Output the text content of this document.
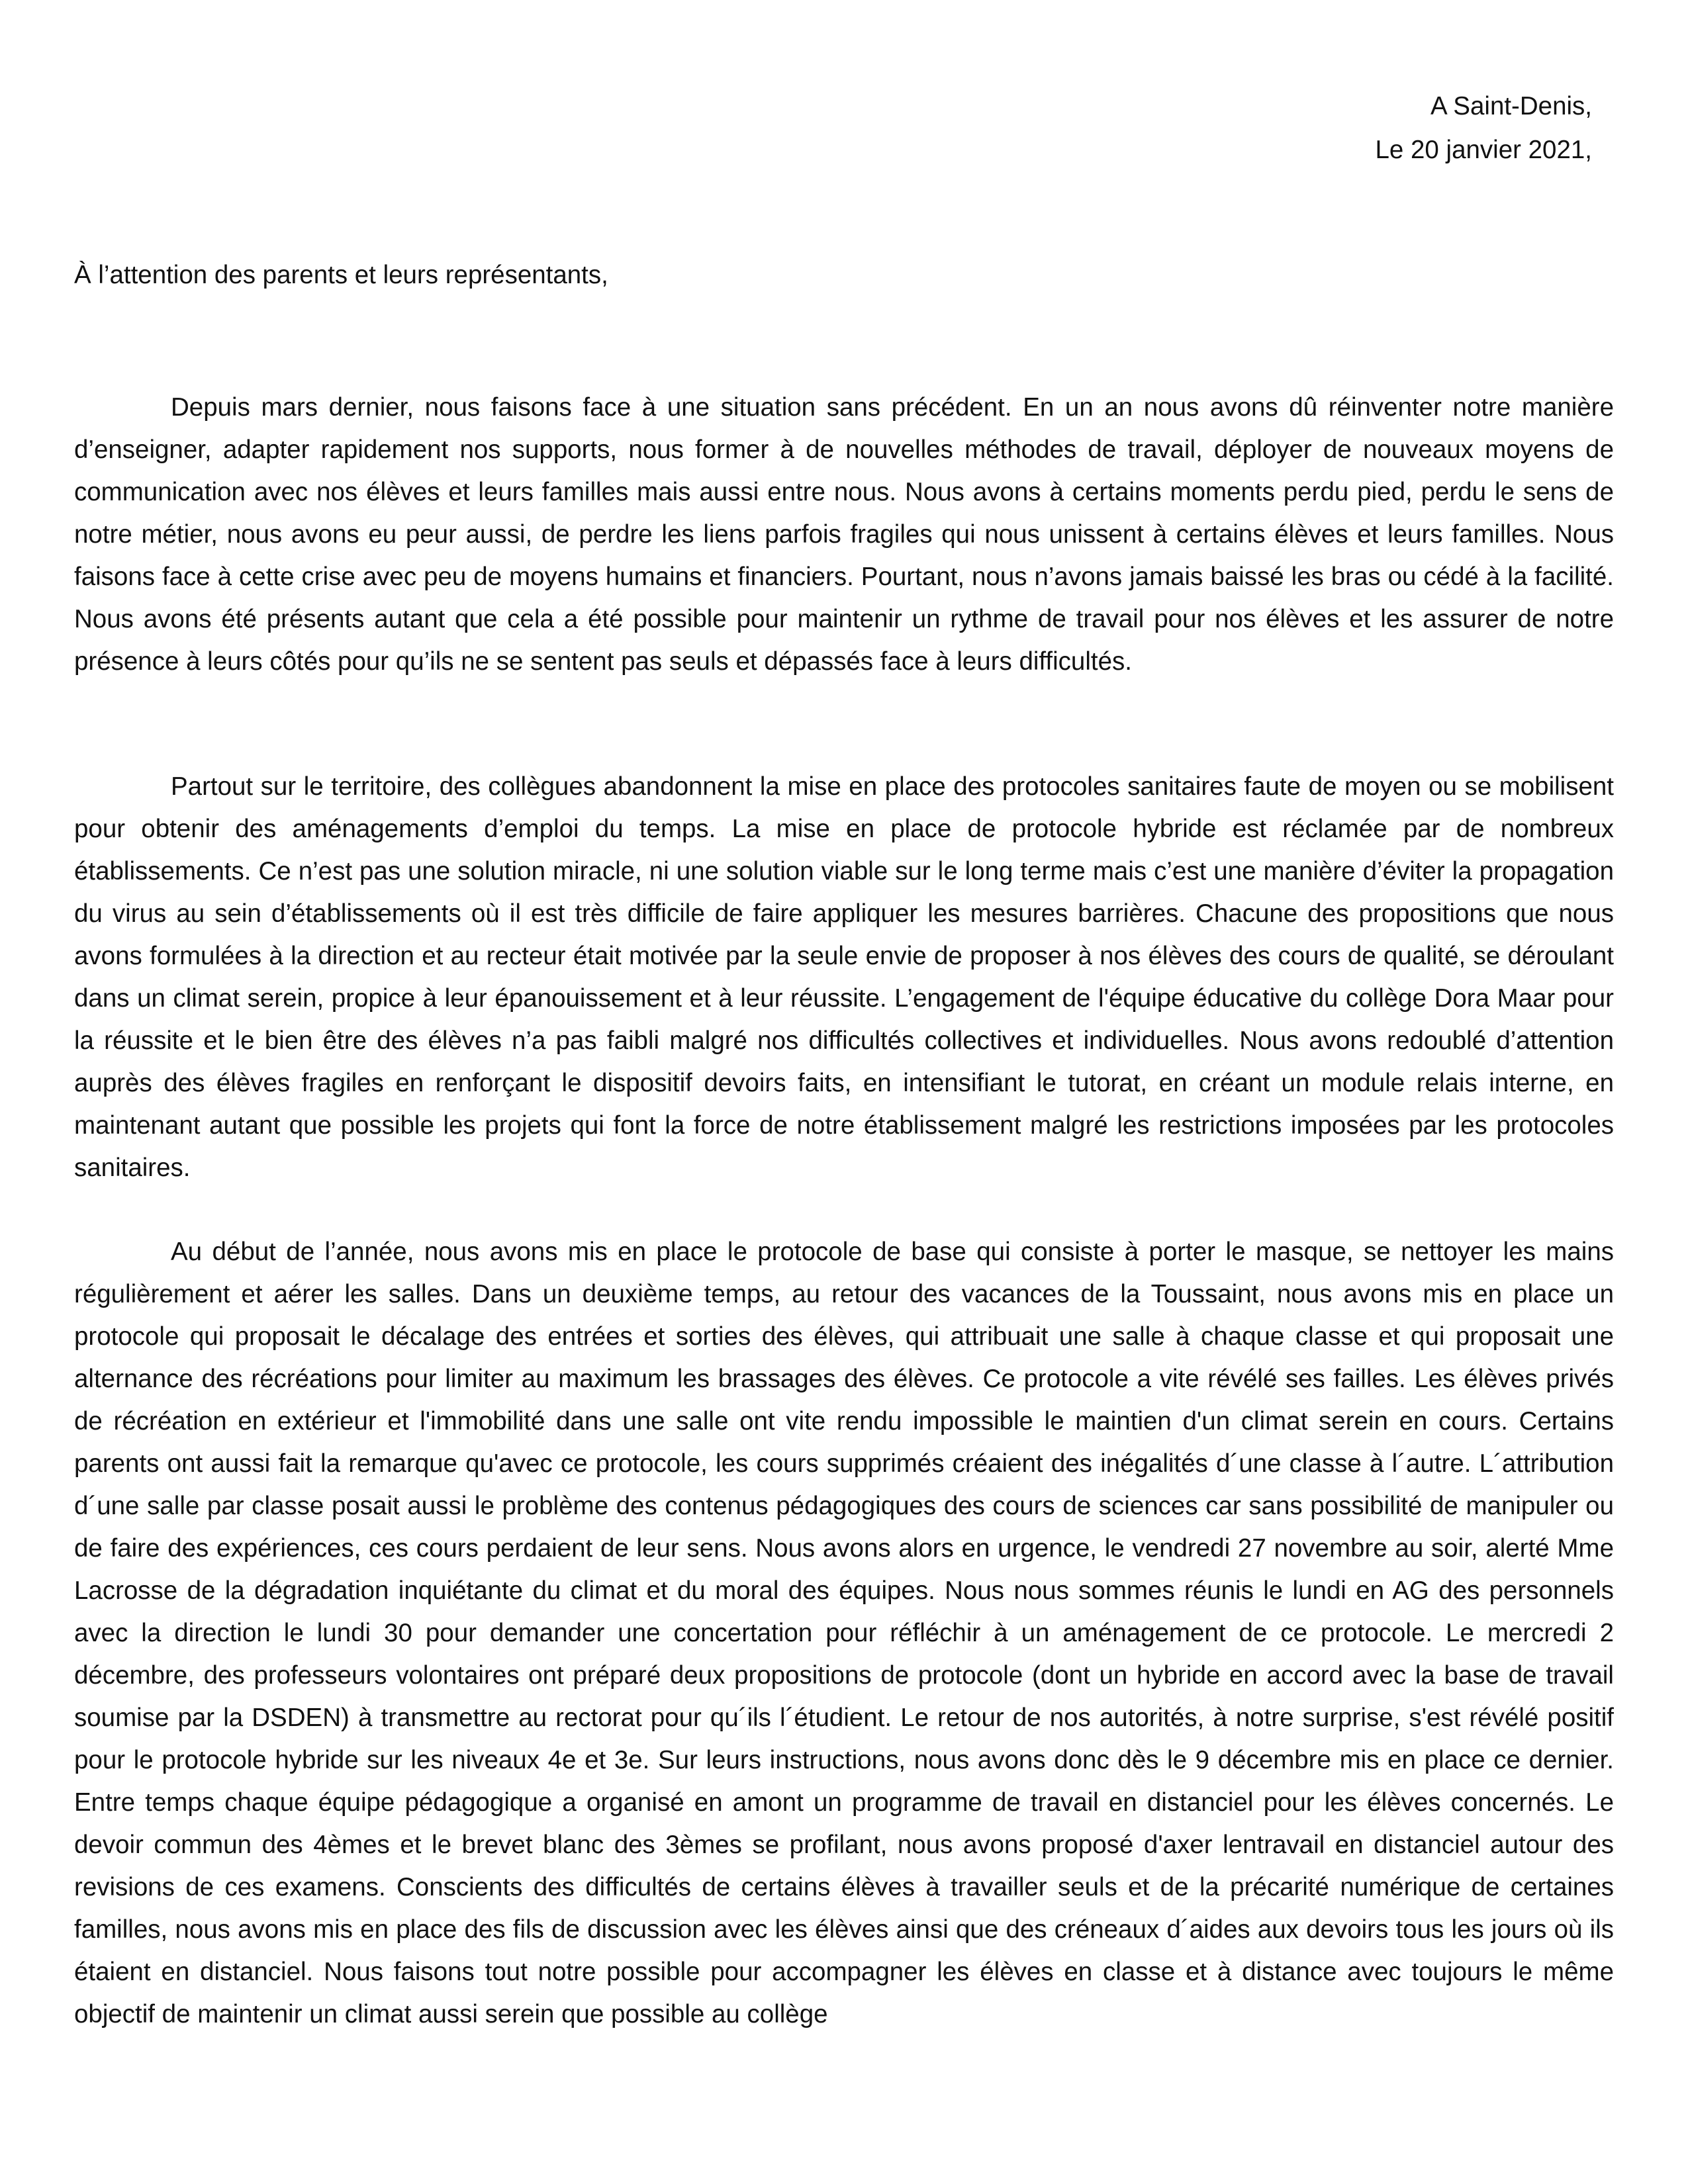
A Saint-Denis,
Le 20 janvier 2021,
À l’attention des parents et leurs représentants,

Depuis mars dernier, nous faisons face à une situation sans précédent. En un an nous avons dû réinventer notre manière d’enseigner, adapter rapidement nos supports, nous former à de nouvelles méthodes de travail, déployer de nouveaux moyens de communication avec nos élèves et leurs familles mais aussi entre nous. Nous avons à certains moments perdu pied, perdu le sens de notre métier, nous avons eu peur aussi, de perdre les liens parfois fragiles qui nous unissent à certains élèves et leurs familles. Nous faisons face à cette crise avec peu de moyens humains et financiers. Pourtant, nous n’avons jamais baissé les bras ou cédé à la facilité. Nous avons été présents autant que cela a été possible pour maintenir un rythme de travail pour nos élèves et les assurer de notre présence à leurs côtés pour qu’ils ne se sentent pas seuls et dépassés face à leurs difficultés.

Partout sur le territoire, des collègues abandonnent la mise en place des protocoles sanitaires faute de moyen ou se mobilisent pour obtenir des aménagements d’emploi du temps. La mise en place de protocole hybride est réclamée par de nombreux établissements. Ce n’est pas une solution miracle, ni une solution viable sur le long terme mais c’est une manière d’éviter la propagation du virus au sein d’établissements où il est très difficile de faire appliquer les mesures barrières. Chacune des propositions que nous avons formulées à la direction et au recteur était motivée par la seule envie de proposer à nos élèves des cours de qualité, se déroulant dans un climat serein, propice à leur épanouissement et à leur réussite. L’engagement de l'équipe éducative du collège Dora Maar pour la réussite et le bien être des élèves n’a pas faibli malgré nos difficultés collectives et individuelles. Nous avons redoublé d’attention auprès des élèves fragiles en renforçant le dispositif devoirs faits, en intensifiant le tutorat, en créant un module relais interne, en maintenant autant que possible les projets qui font la force de notre établissement malgré les restrictions imposées par les protocoles sanitaires.

Au début de l’année, nous avons mis en place le protocole de base qui consiste à porter le masque, se nettoyer les mains régulièrement et aérer les salles. Dans un deuxième temps, au retour des vacances de la Toussaint, nous avons mis en place un protocole qui proposait le décalage des entrées et sorties des élèves, qui attribuait une salle à chaque classe et qui proposait une alternance des récréations pour limiter au maximum les brassages des élèves. Ce protocole a vite révélé ses failles. Les élèves privés de récréation en extérieur et l'immobilité dans une salle ont vite rendu impossible le maintien d'un climat serein en cours. Certains parents ont aussi fait la remarque qu'avec ce protocole, les cours supprimés créaient des inégalités d´une classe à l´autre. L´attribution d´une salle par classe posait aussi le problème des contenus pédagogiques des cours de sciences car sans possibilité de manipuler ou de faire des expériences, ces cours perdaient de leur sens. Nous avons alors en urgence, le vendredi 27 novembre au soir, alerté Mme Lacrosse de la dégradation inquiétante du climat et du moral des équipes. Nous nous sommes réunis le lundi en AG des personnels avec la direction le lundi 30 pour demander une concertation pour réfléchir à un aménagement de ce protocole. Le mercredi 2 décembre, des professeurs volontaires ont préparé deux propositions de protocole (dont un hybride en accord avec la base de travail soumise par la DSDEN) à transmettre au rectorat pour qu´ils l´étudient. Le retour de nos autorités, à notre surprise, s'est révélé positif pour le protocole hybride sur les niveaux 4e et 3e. Sur leurs instructions, nous avons donc dès le 9 décembre mis en place ce dernier. Entre temps chaque équipe pédagogique a organisé en amont un programme de travail en distanciel pour les élèves concernés. Le devoir commun des 4èmes et le brevet blanc des 3èmes se profilant, nous avons proposé d'axer lentravail en distanciel autour des revisions de ces examens. Conscients des difficultés de certains élèves à travailler seuls et de la précarité numérique de certaines familles, nous avons mis en place des fils de discussion avec les élèves ainsi que des créneaux d´aides aux devoirs tous les jours où ils étaient en distanciel. Nous faisons tout notre possible pour accompagner les élèves en classe et à distance avec toujours le même objectif de maintenir un climat aussi serein que possible au collège
